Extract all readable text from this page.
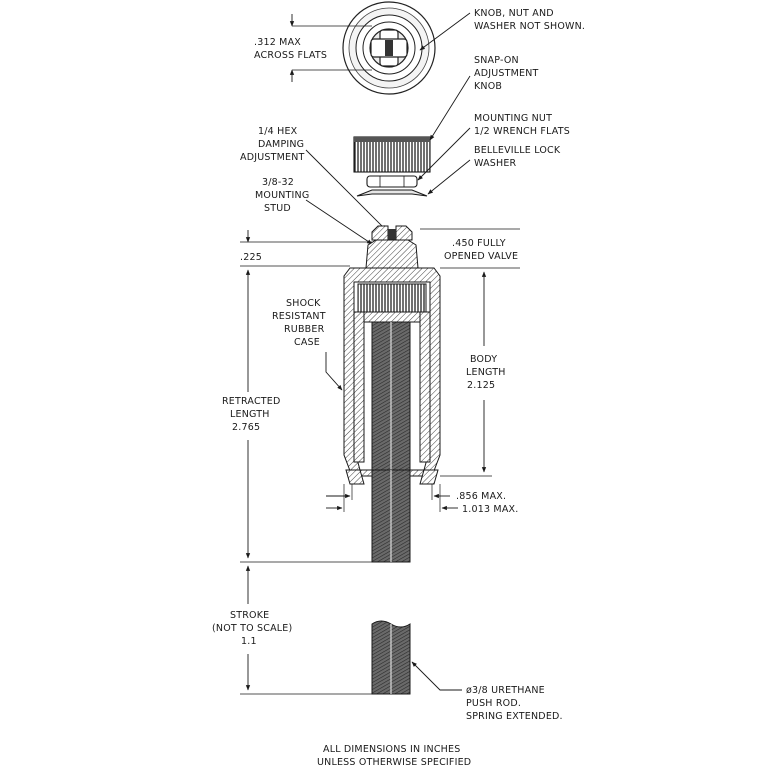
.312 MAX
ACROSS FLATS
KNOB, NUT AND
WASHER NOT SHOWN.
SNAP-ON
ADJUSTMENT
KNOB
MOUNTING NUT
1/2 WRENCH FLATS
BELLEVILLE LOCK
WASHER
1/4 HEX
DAMPING
ADJUSTMENT
3/8-32
MOUNTING
STUD
.225
RETRACTED
LENGTH
2.765
STROKE
(NOT TO SCALE)
1.1
SHOCK
RESISTANT
RUBBER
CASE
.450 FULLY
OPENED VALVE
BODY
LENGTH
2.125
.856 MAX.
1.013 MAX.
ø3/8 URETHANE
PUSH ROD.
SPRING EXTENDED.
ALL DIMENSIONS IN INCHES
UNLESS OTHERWISE SPECIFIED
